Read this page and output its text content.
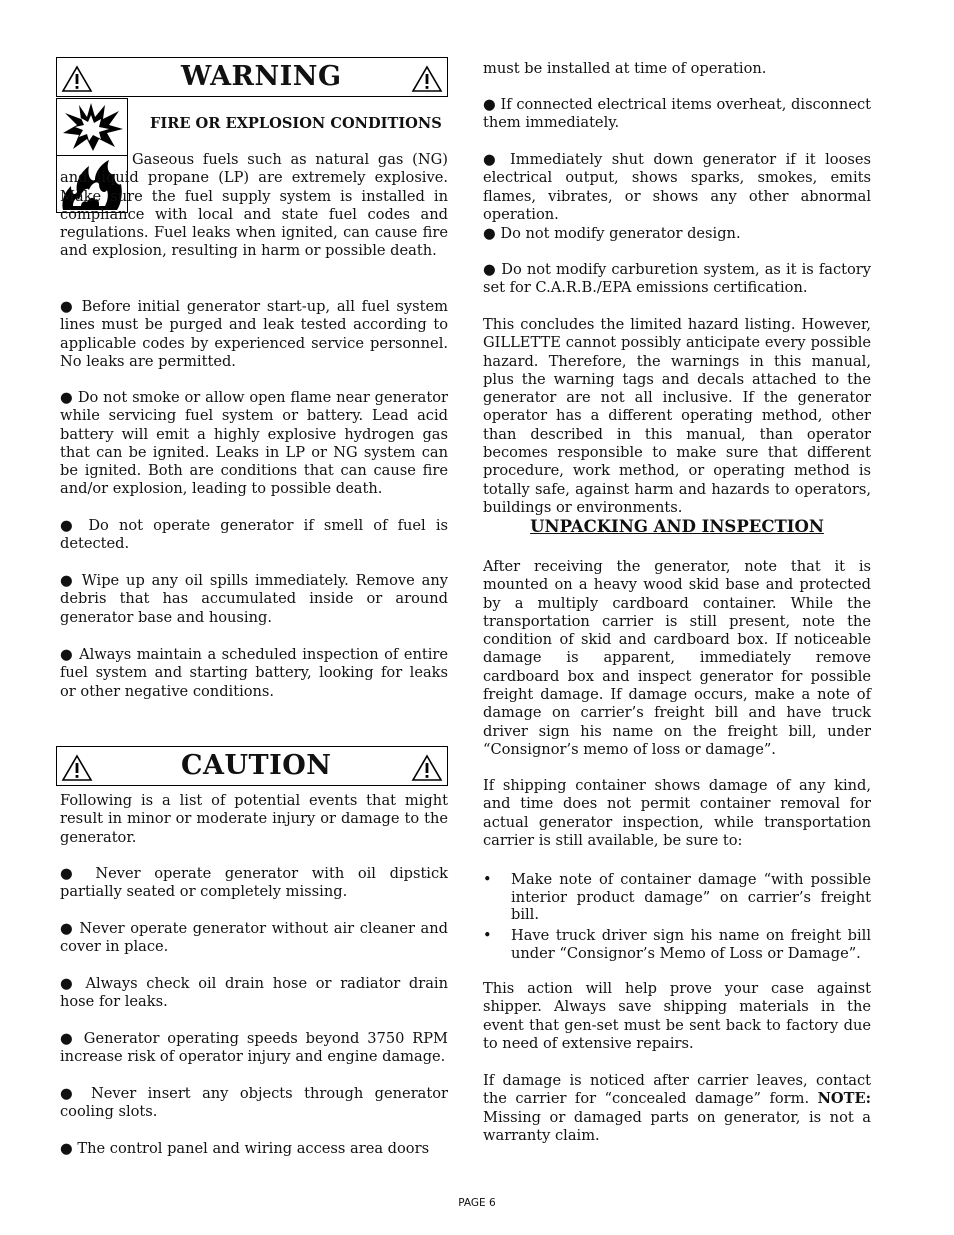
WARNING

FIRE OR EXPLOSION CONDITIONS

Gaseous fuels such as natural gas (NG) and liquid propane (LP) are extremely explosive. Make sure the fuel supply system is installed in compliance with local and state fuel codes and regulations. Fuel leaks when ignited, can cause fire and explosion, resulting in harm or possible death.

● Before initial generator start-up, all fuel system lines must be purged and leak tested according to applicable codes by experienced service personnel. No leaks are permitted.

● Do not smoke or allow open flame near generator while servicing fuel system or battery. Lead acid battery will emit a highly explosive hydrogen gas that can be ignited. Leaks in LP or NG system can be ignited. Both are conditions that can cause fire and/or explosion, leading to possible death.

● Do not operate generator if smell of fuel is detected.

● Wipe up any oil spills immediately. Remove any debris that has accumulated inside or around generator base and housing.

● Always maintain a scheduled inspection of entire fuel system and starting battery, looking for leaks or other negative conditions.

Following is a list of potential events that might result in minor or moderate injury or damage to the generator.

● Never operate generator with oil dipstick partially seated or completely missing.

● Never operate generator without air cleaner and cover in place.

● Always check oil drain hose or radiator drain hose for leaks.

● Generator operating speeds beyond 3750 RPM increase risk of operator injury and engine damage.

● Never insert any objects through generator cooling slots.

● The control panel and wiring access area doors

CAUTION

must be installed at time of operation.

● If connected electrical items overheat, disconnect them immediately.

● Immediately shut down generator if it looses electrical output, shows sparks, smokes, emits flames, vibrates, or shows any other abnormal operation.

● Do not modify generator design.

● Do not modify carburetion system, as it is factory set for C.A.R.B./EPA emissions certification.

This concludes the limited hazard listing. However, GILLETTE cannot possibly anticipate every possible hazard. Therefore, the warnings in this manual, plus the warning tags and decals attached to the generator are not all inclusive. If the generator operator has a different operating method, other than described in this manual, than operator becomes responsible to make sure that different procedure, work method, or operating method is totally safe, against harm and hazards to operators, buildings or environments.

UNPACKING AND INSPECTION

After receiving the generator, note that it is mounted on a heavy wood skid base and protected by a multiply cardboard container. While the transportation carrier is still present, note the condition of skid and cardboard box. If noticeable damage is apparent, immediately remove cardboard box and inspect generator for possible freight damage. If damage occurs, make a note of damage on carrier’s freight bill and have truck driver sign his name on the freight bill, under “Consignor’s memo of loss or damage”.

If shipping container shows damage of any kind, and time does not permit container removal for actual generator inspection, while transportation carrier is still available, be sure to:

•	Make note of container damage “with possible interior product damage” on carrier’s freight bill.

•	Have truck driver sign his name on freight bill under “Consignor’s Memo of Loss or Damage”.

This action will help prove your case against shipper. Always save shipping materials in the event that gen-set must be sent back to factory due to need of extensive repairs.

If damage is noticed after carrier leaves, contact the carrier for “concealed damage” form. NOTE: Missing or damaged parts on generator, is not a warranty claim.

PAGE 6
